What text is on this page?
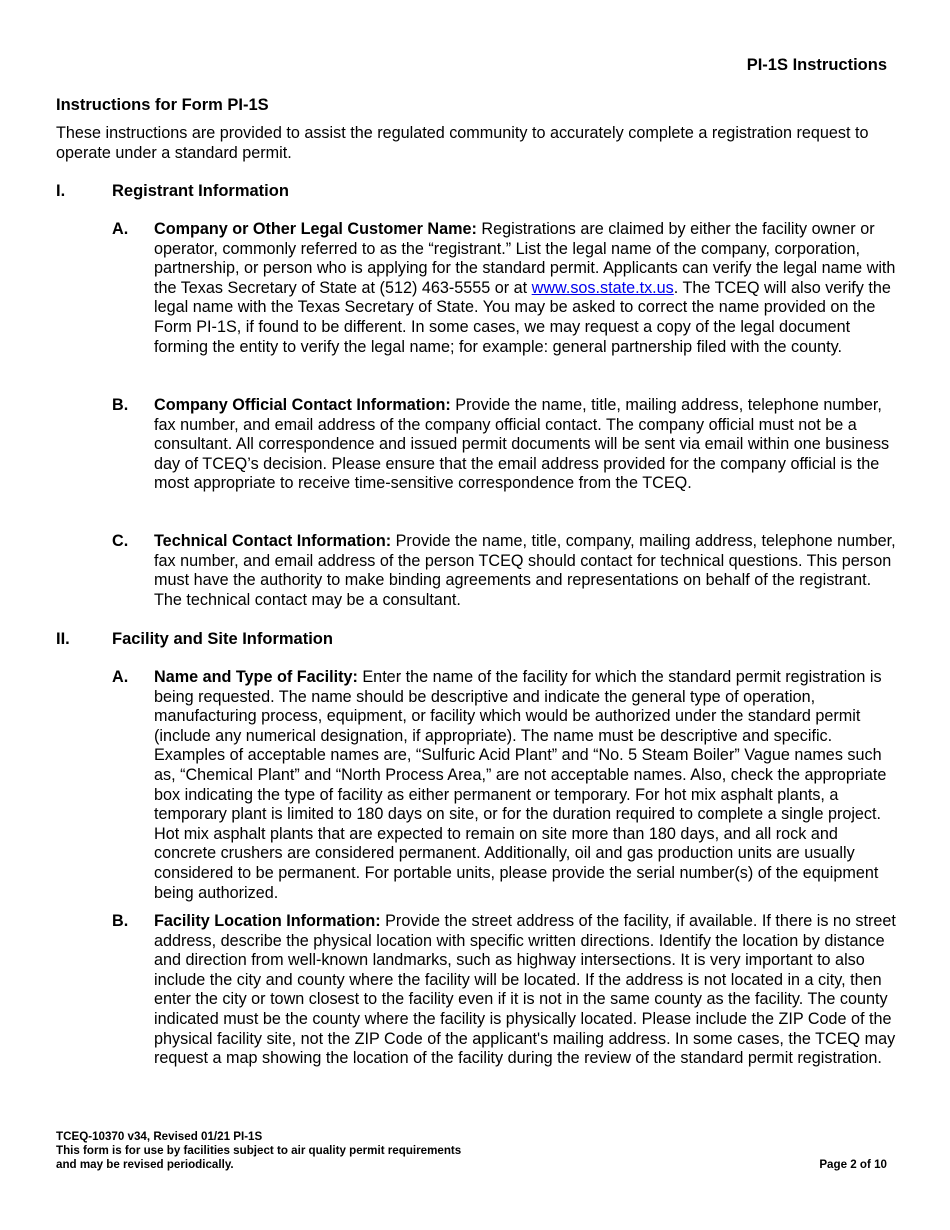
PI-1S Instructions
Instructions for Form PI-1S
These instructions are provided to assist the regulated community to accurately complete a registration request to operate under a standard permit.
I.	Registrant Information
A. Company or Other Legal Customer Name: Registrations are claimed by either the facility owner or operator, commonly referred to as the “registrant.” List the legal name of the company, corporation, partnership, or person who is applying for the standard permit. Applicants can verify the legal name with the Texas Secretary of State at (512) 463-5555 or at www.sos.state.tx.us. The TCEQ will also verify the legal name with the Texas Secretary of State. You may be asked to correct the name provided on the Form PI-1S, if found to be different. In some cases, we may request a copy of the legal document forming the entity to verify the legal name; for example: general partnership filed with the county.
B. Company Official Contact Information: Provide the name, title, mailing address, telephone number, fax number, and email address of the company official contact. The company official must not be a consultant. All correspondence and issued permit documents will be sent via email within one business day of TCEQ’s decision. Please ensure that the email address provided for the company official is the most appropriate to receive time-sensitive correspondence from the TCEQ.
C. Technical Contact Information: Provide the name, title, company, mailing address, telephone number, fax number, and email address of the person TCEQ should contact for technical questions. This person must have the authority to make binding agreements and representations on behalf of the registrant. The technical contact may be a consultant.
II.	Facility and Site Information
A. Name and Type of Facility: Enter the name of the facility for which the standard permit registration is being requested. The name should be descriptive and indicate the general type of operation, manufacturing process, equipment, or facility which would be authorized under the standard permit (include any numerical designation, if appropriate). The name must be descriptive and specific. Examples of acceptable names are, “Sulfuric Acid Plant” and “No. 5 Steam Boiler” Vague names such as, “Chemical Plant” and “North Process Area,” are not acceptable names. Also, check the appropriate box indicating the type of facility as either permanent or temporary. For hot mix asphalt plants, a temporary plant is limited to 180 days on site, or for the duration required to complete a single project. Hot mix asphalt plants that are expected to remain on site more than 180 days, and all rock and concrete crushers are considered permanent. Additionally, oil and gas production units are usually considered to be permanent. For portable units, please provide the serial number(s) of the equipment being authorized.
B. Facility Location Information: Provide the street address of the facility, if available. If there is no street address, describe the physical location with specific written directions. Identify the location by distance and direction from well-known landmarks, such as highway intersections. It is very important to also include the city and county where the facility will be located. If the address is not located in a city, then enter the city or town closest to the facility even if it is not in the same county as the facility. The county indicated must be the county where the facility is physically located. Please include the ZIP Code of the physical facility site, not the ZIP Code of the applicant's mailing address. In some cases, the TCEQ may request a map showing the location of the facility during the review of the standard permit registration.
TCEQ-10370 v34, Revised 01/21 PI-1S
This form is for use by facilities subject to air quality permit requirements
and may be revised periodically.	Page 2 of 10
